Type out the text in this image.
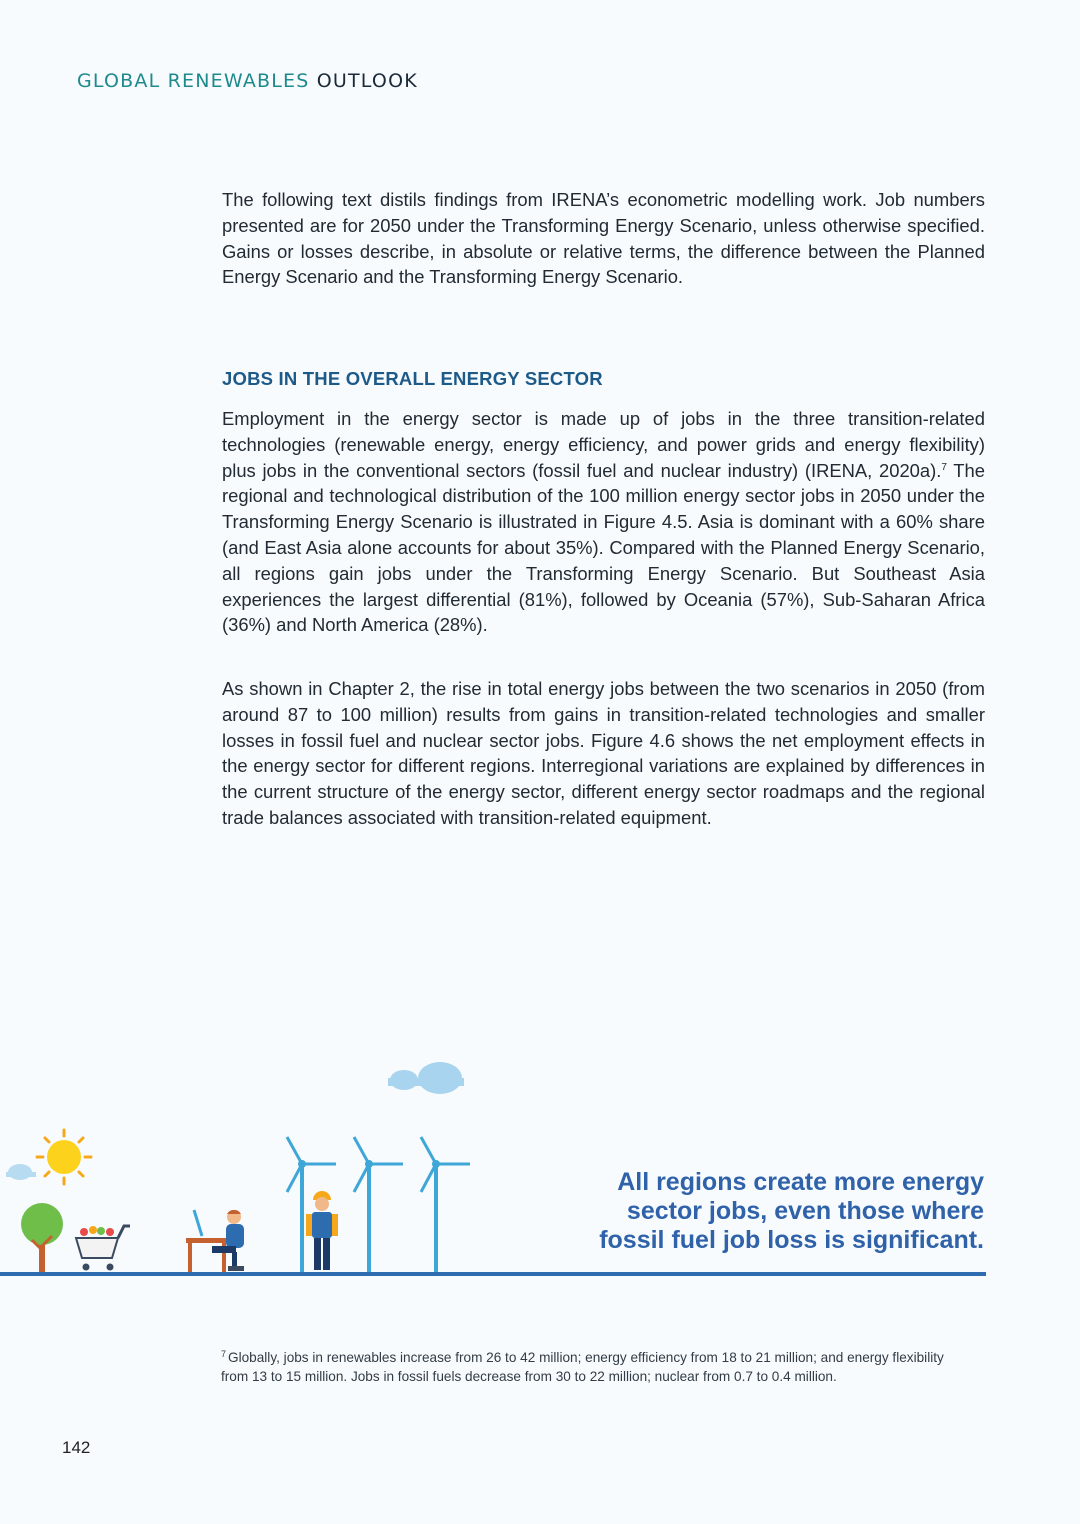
GLOBAL RENEWABLES OUTLOOK

The following text distils findings from IRENA’s econometric modelling work. Job numbers presented are for 2050 under the Transforming Energy Scenario, unless otherwise specified. Gains or losses describe, in absolute or relative terms, the difference between the Planned Energy Scenario and the Transforming Energy Scenario.

JOBS IN THE OVERALL ENERGY SECTOR

Employment in the energy sector is made up of jobs in the three transition-related technologies (renewable energy, energy efficiency, and power grids and energy flexibility) plus jobs in the conventional sectors (fossil fuel and nuclear industry) (IRENA, 2020a).$^7$ The regional and technological distribution of the 100 million energy sector jobs in 2050 under the Transforming Energy Scenario is illustrated in Figure 4.5. Asia is dominant with a 60% share (and East Asia alone accounts for about 35%). Compared with the Planned Energy Scenario, all regions gain jobs under the Transforming Energy Scenario. But Southeast Asia experiences the largest differential (81%), followed by Oceania (57%), Sub-Saharan Africa (36%) and North America (28%).

As shown in Chapter 2, the rise in total energy jobs between the two scenarios in 2050 (from around 87 to 100 million) results from gains in transition-related technologies and smaller losses in fossil fuel and nuclear sector jobs. Figure 4.6 shows the net employment effects in the energy sector for different regions. Interregional variations are explained by differences in the current structure of the energy sector, different energy sector roadmaps and the regional trade balances associated with transition-related equipment.

All regions create more energy
sector jobs, even those where
fossil fuel job loss is significant.
$^7$ Globally, jobs in renewables increase from 26 to 42 million; energy efficiency from 18 to 21 million; and energy flexibility from 13 to 15 million. Jobs in fossil fuels decrease from 30 to 22 million; nuclear from 0.7 to 0.4 million.
142
